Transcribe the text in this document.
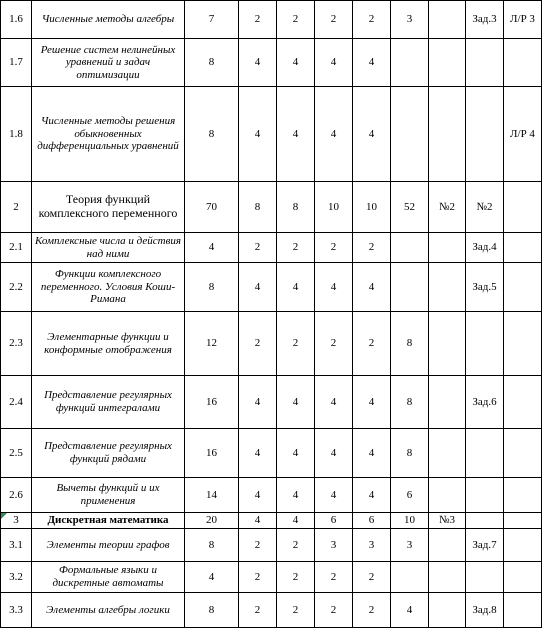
1.6	Численные методы алгебры	7	2	2	2	2	3		Зад.3	Л/Р 3
1.7	Решение систем нелинейных уравнений и задач оптимизации	8	4	4	4	4				
1.8	Численные методы решения обыкновенных дифференциальных уравнений	8	4	4	4	4				Л/Р 4
2	Теория функций комплексного переменного	70	8	8	10	10	52	№2	№2	
2.1	Комплексные числа и действия над ними	4	2	2	2	2			Зад.4	
2.2	Функции комплексного переменного. Условия Коши-Римана	8	4	4	4	4			Зад.5	
2.3	Элементарные функции и конформные отображения	12	2	2	2	2	8			
2.4	Представление регулярных функций интегралами	16	4	4	4	4	8		Зад.6	
2.5	Представление регулярных функций рядами	16	4	4	4	4	8			
2.6	Вычеты функций и их применения	14	4	4	4	4	6			

3	Дискретная математика	20	4	4	6	6	10	№3		
3.1	Элементы теории графов	8	2	2	3	3	3		Зад.7	
3.2	Формальные языки и дискретные автоматы	4	2	2	2	2				
3.3	Элементы алгебры логики	8	2	2	2	2	4		Зад.8	
